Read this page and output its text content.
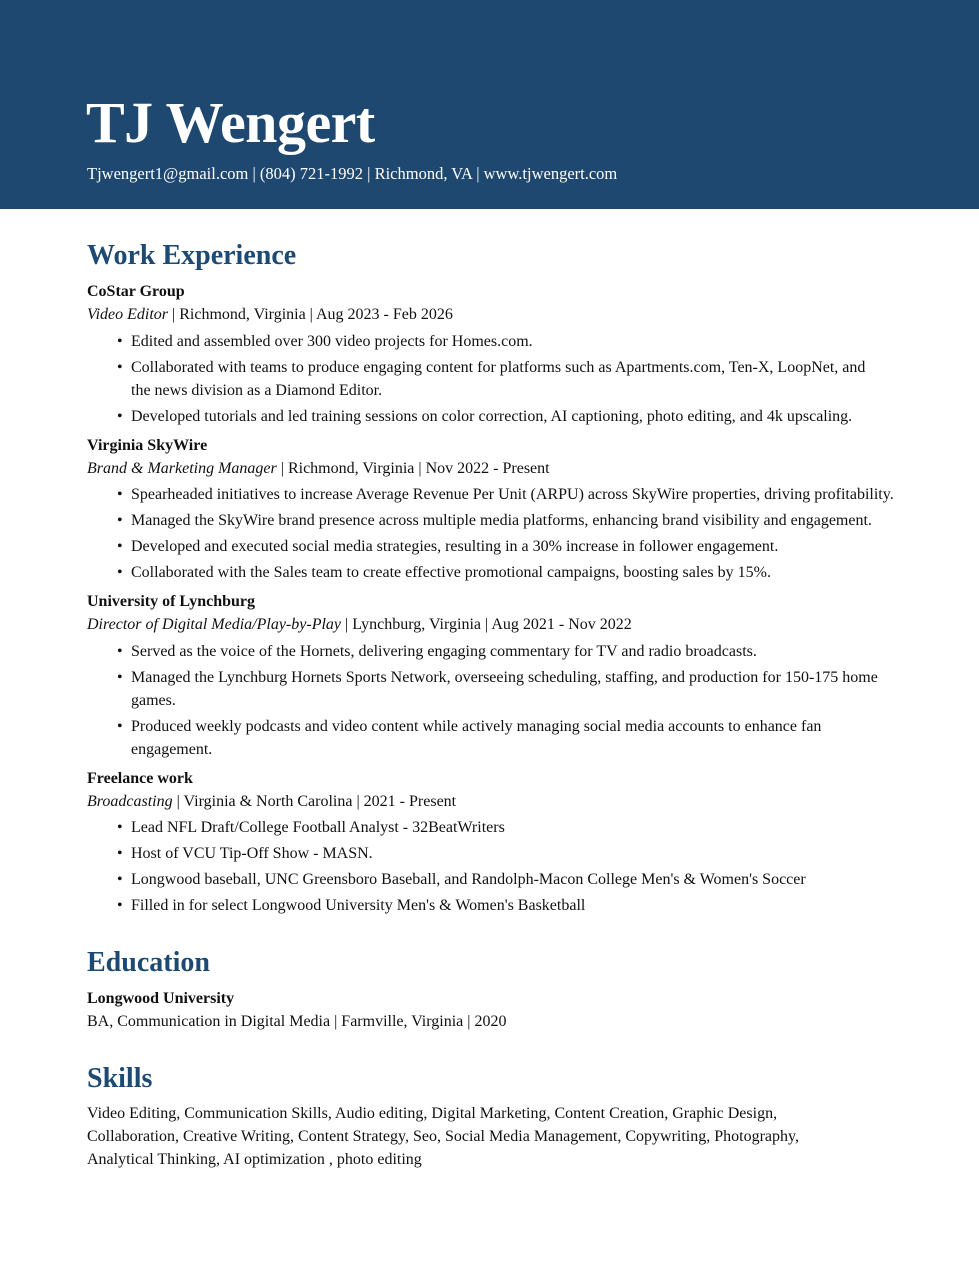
TJ Wengert
Tjwengert1@gmail.com | (804) 721-1992 | Richmond, VA | www.tjwengert.com
Work Experience
CoStar Group
Video Editor | Richmond, Virginia | Aug 2023 - Feb 2026
• Edited and assembled over 300 video projects for Homes.com.
• Collaborated with teams to produce engaging content for platforms such as Apartments.com, Ten-X, LoopNet, and
the news division as a Diamond Editor.
• Developed tutorials and led training sessions on color correction, AI captioning, photo editing, and 4k upscaling.
Virginia SkyWire
Brand & Marketing Manager | Richmond, Virginia | Nov 2022 - Present
• Spearheaded initiatives to increase Average Revenue Per Unit (ARPU) across SkyWire properties, driving profitability.
• Managed the SkyWire brand presence across multiple media platforms, enhancing brand visibility and engagement.
• Developed and executed social media strategies, resulting in a 30% increase in follower engagement.
• Collaborated with the Sales team to create effective promotional campaigns, boosting sales by 15%.
University of Lynchburg
Director of Digital Media/Play-by-Play | Lynchburg, Virginia | Aug 2021 - Nov 2022
• Served as the voice of the Hornets, delivering engaging commentary for TV and radio broadcasts.
• Managed the Lynchburg Hornets Sports Network, overseeing scheduling, staffing, and production for 150-175 home
games.
• Produced weekly podcasts and video content while actively managing social media accounts to enhance fan
engagement.
Freelance work
Broadcasting | Virginia & North Carolina | 2021 - Present
• Lead NFL Draft/College Football Analyst - 32BeatWriters
• Host of VCU Tip-Off Show - MASN.
• Longwood baseball, UNC Greensboro Baseball, and Randolph-Macon College Men's & Women's Soccer
• Filled in for select Longwood University Men's & Women's Basketball
Education
Longwood University
BA, Communication in Digital Media | Farmville, Virginia | 2020
Skills
Video Editing, Communication Skills, Audio editing, Digital Marketing, Content Creation, Graphic Design,
Collaboration, Creative Writing, Content Strategy, Seo, Social Media Management, Copywriting, Photography,
Analytical Thinking, AI optimization , photo editing
